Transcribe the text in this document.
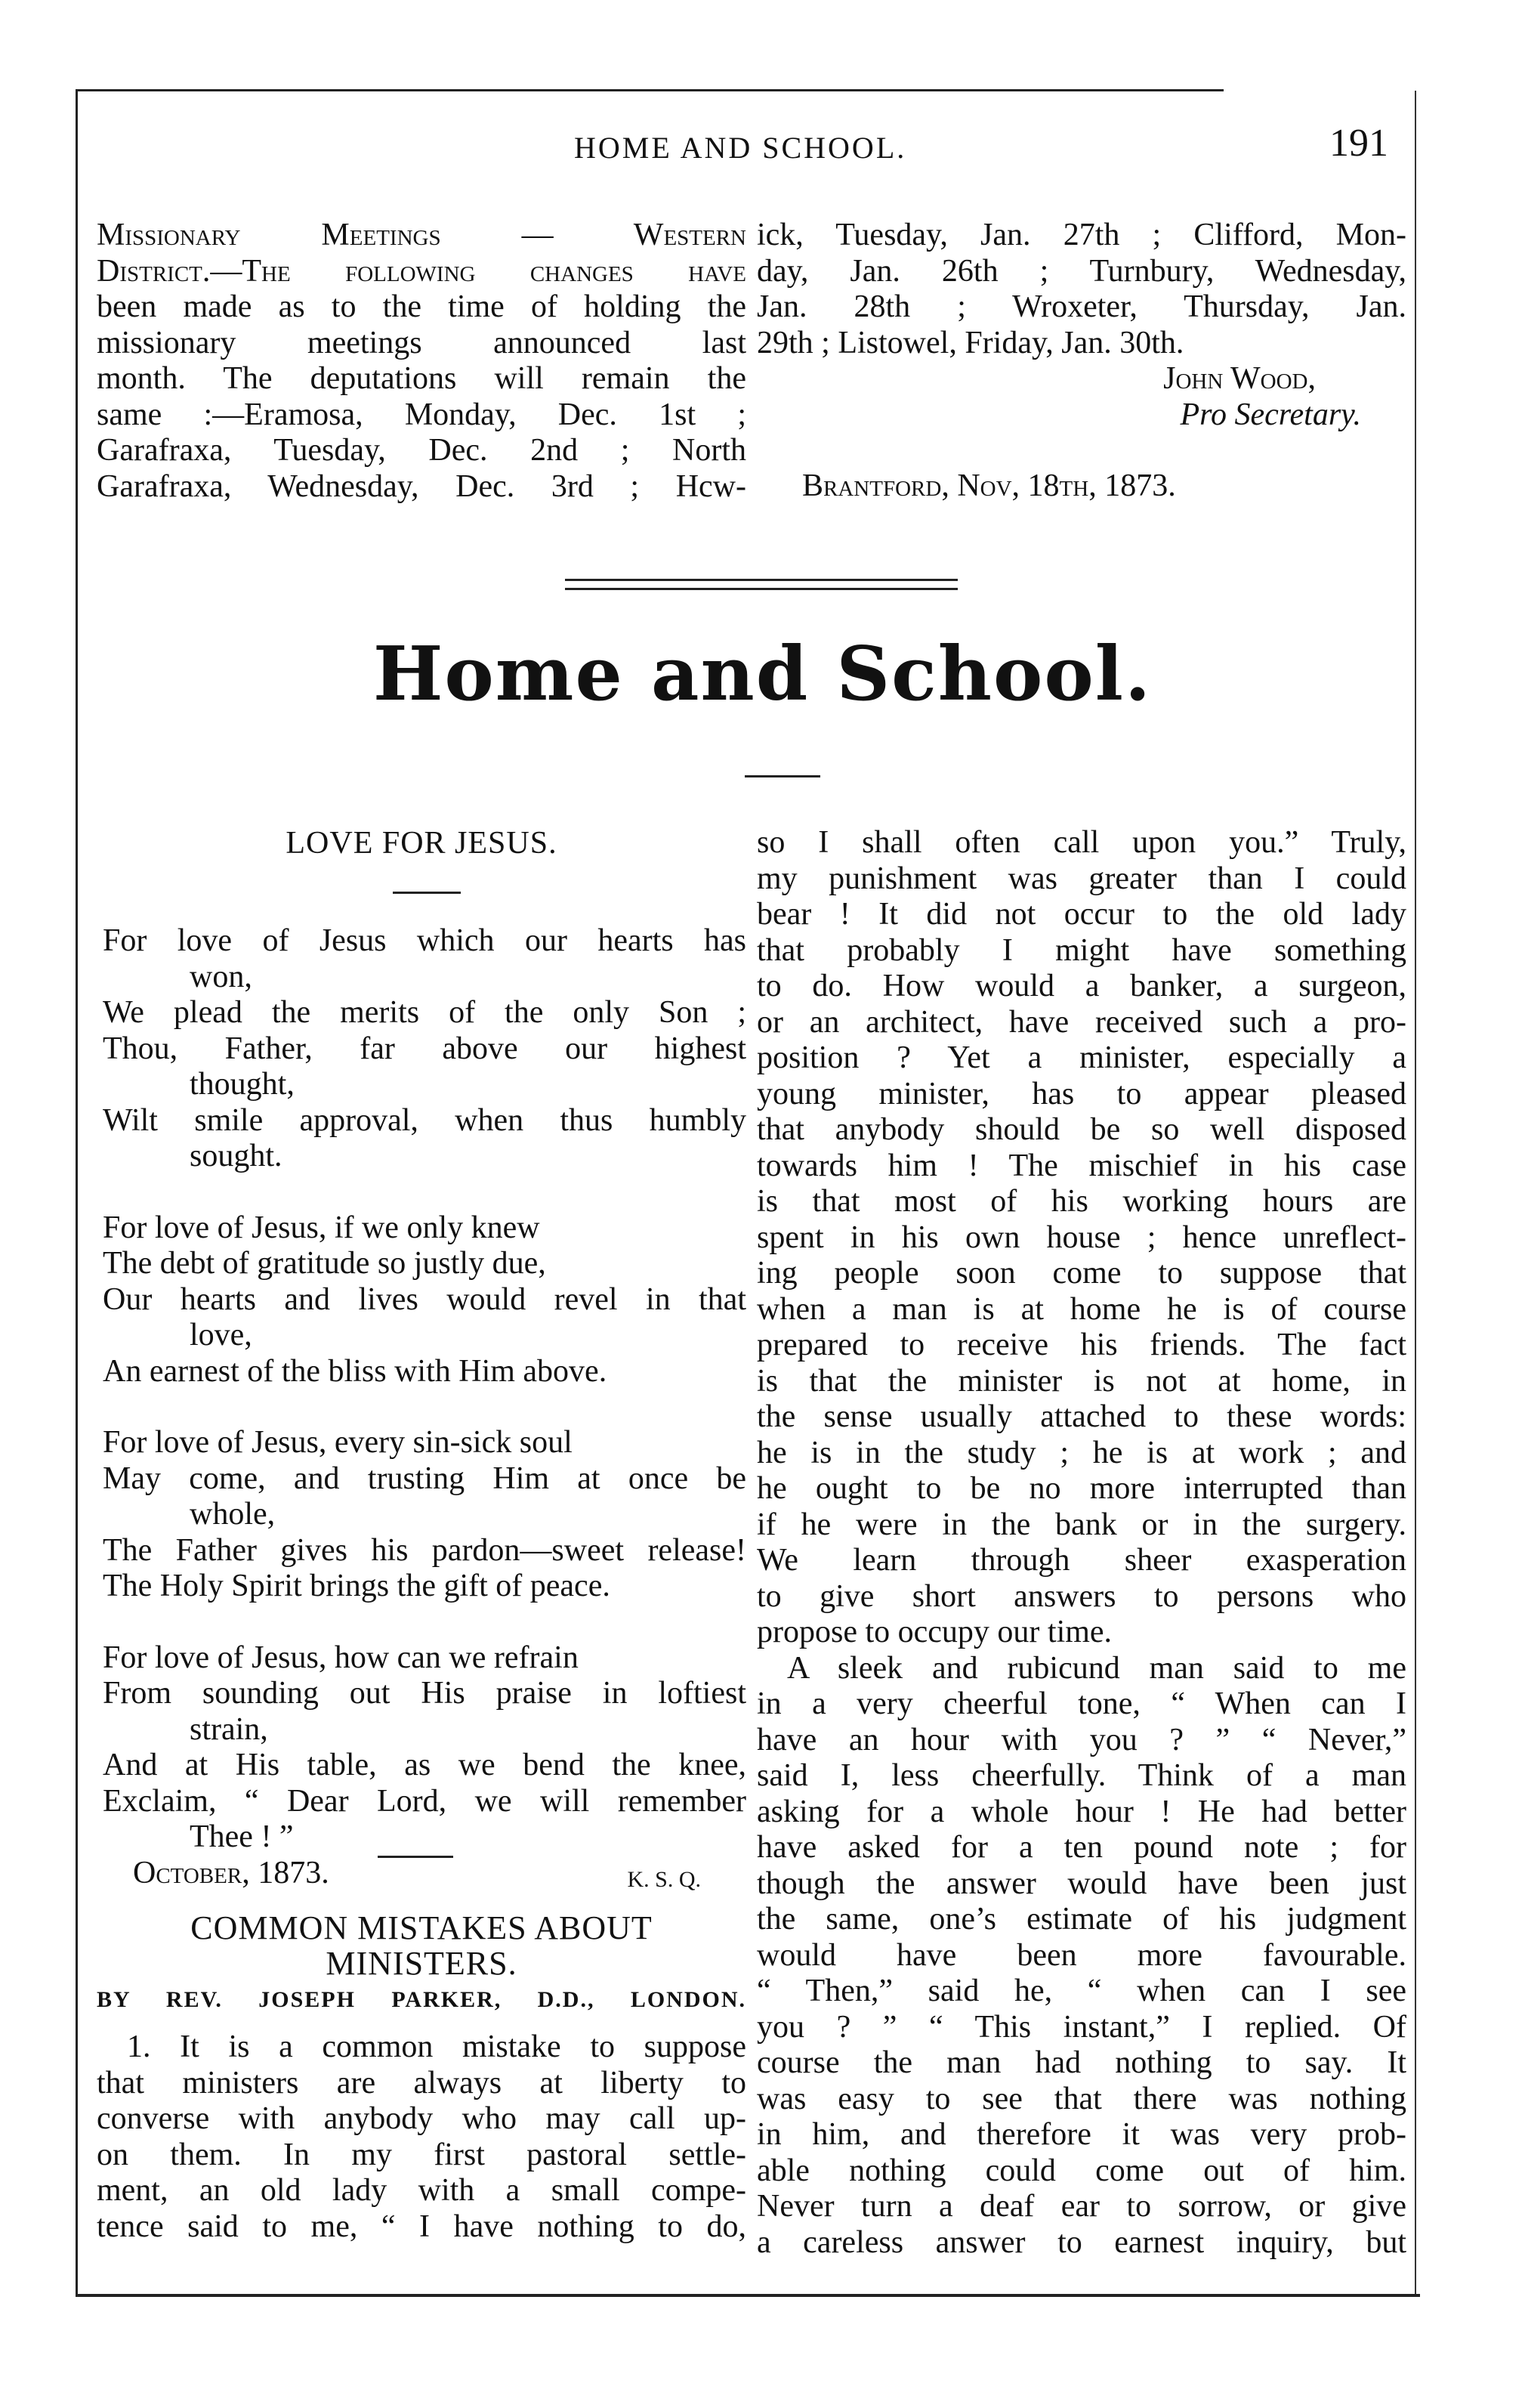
HOME AND SCHOOL.	191

Missionary Meetings — Western

District.—The following changes have

been made as to the time of holding the

missionary meetings announced last

month. The deputations will remain the

same :—Eramosa, Monday, Dec. 1st ;

Garafraxa, Tuesday, Dec. 2nd ; North

Garafraxa, Wednesday, Dec. 3rd ; Hcw-

ick, Tuesday, Jan. 27th ; Clifford, Mon-

day, Jan. 26th ; Turnbury, Wednesday,

Jan. 28th ; Wroxeter, Thursday, Jan.

29th ; Listowel, Friday, Jan. 30th.

John Wood,

Pro Secretary.

Brantford, Nov, 18th, 1873.

Home and School.
LOVE FOR JESUS.

For love of Jesus which our hearts has

won,

We plead the merits of the only Son ;

Thou, Father, far above our highest

thought,

Wilt smile approval, when thus humbly

sought.

For love of Jesus, if we only knew

The debt of gratitude so justly due,

Our hearts and lives would revel in that

love,

An earnest of the bliss with Him above.

For love of Jesus, every sin-sick soul

May come, and trusting Him at once be

whole,

The Father gives his pardon—sweet release!

The Holy Spirit brings the gift of peace.

For love of Jesus, how can we refrain

From sounding out His praise in loftiest

strain,

And at His table, as we bend the knee,

Exclaim, “ Dear Lord, we will remember

Thee ! ”

October, 1873.	K. S. Q.
COMMON MISTAKES ABOUT
MINISTERS.
BY REV. JOSEPH PARKER, D.D., LONDON.

1. It is a common mistake to suppose

that ministers are always at liberty to

converse with anybody who may call up-

on them. In my first pastoral settle-

ment, an old lady with a small compe-

tence said to me, “ I have nothing to do,

so I shall often call upon you.” Truly,

my punishment was greater than I could

bear ! It did not occur to the old lady

that probably I might have something

to do. How would a banker, a surgeon,

or an architect, have received such a pro-

position ? Yet a minister, especially a

young minister, has to appear pleased

that anybody should be so well disposed

towards him ! The mischief in his case

is that most of his working hours are

spent in his own house ; hence unreflect-

ing people soon come to suppose that

when a man is at home he is of course

prepared to receive his friends. The fact

is that the minister is not at home, in

the sense usually attached to these words:

he is in the study ; he is at work ; and

he ought to be no more interrupted than

if he were in the bank or in the surgery.

We learn through sheer exasperation

to give short answers to persons who

propose to occupy our time.

A sleek and rubicund man said to me

in a very cheerful tone, “ When can I

have an hour with you ? ” “ Never,”

said I, less cheerfully. Think of a man

asking for a whole hour ! He had better

have asked for a ten pound note ; for

though the answer would have been just

the same, one’s estimate of his judgment

would have been more favourable.

“ Then,” said he, “ when can I see

you ? ” “ This instant,” I replied. Of

course the man had nothing to say. It

was easy to see that there was nothing

in him, and therefore it was very prob-

able nothing could come out of him.

Never turn a deaf ear to sorrow, or give

a careless answer to earnest inquiry, but
